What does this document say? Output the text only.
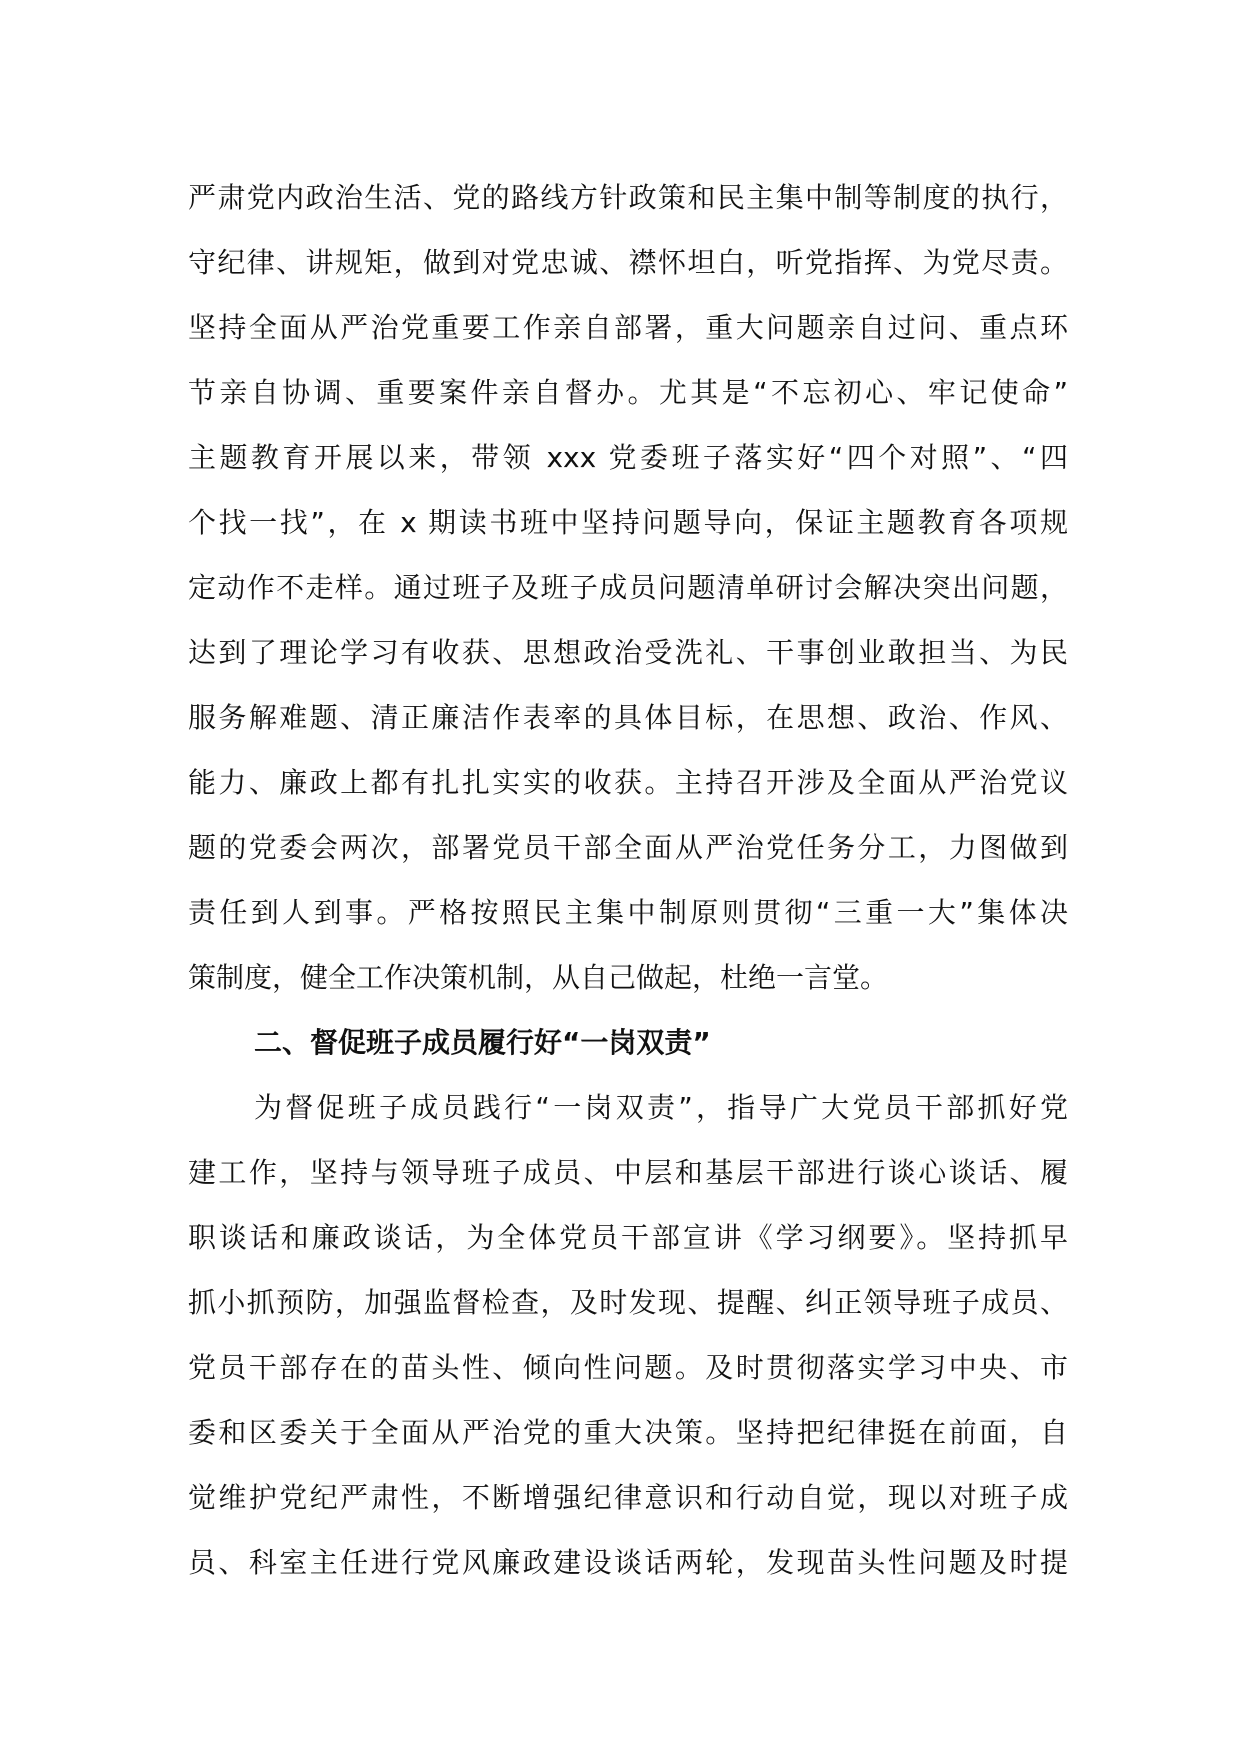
严肃党内政治生活、党的路线方针政策和民主集中制等制度的执行，
守纪律、讲规矩，做到对党忠诚、襟怀坦白，听党指挥、为党尽责。
坚持全面从严治党重要工作亲自部署，重大问题亲自过问、重点环
节亲自协调、重要案件亲自督办。尤其是“不忘初心、牢记使命”
主题教育开展以来，带领 xxx 党委班子落实好“四个对照”、“四
个找一找”，在 x 期读书班中坚持问题导向，保证主题教育各项规
定动作不走样。通过班子及班子成员问题清单研讨会解决突出问题，
达到了理论学习有收获、思想政治受洗礼、干事创业敢担当、为民
服务解难题、清正廉洁作表率的具体目标，在思想、政治、作风、
能力、廉政上都有扎扎实实的收获。主持召开涉及全面从严治党议
题的党委会两次，部署党员干部全面从严治党任务分工，力图做到
责任到人到事。严格按照民主集中制原则贯彻“三重一大”集体决
策制度，健全工作决策机制，从自己做起，杜绝一言堂。
二、督促班子成员履行好“一岗双责”
为督促班子成员践行“一岗双责”，指导广大党员干部抓好党
建工作，坚持与领导班子成员、中层和基层干部进行谈心谈话、履
职谈话和廉政谈话，为全体党员干部宣讲《学习纲要》。坚持抓早
抓小抓预防，加强监督检查，及时发现、提醒、纠正领导班子成员、
党员干部存在的苗头性、倾向性问题。及时贯彻落实学习中央、市
委和区委关于全面从严治党的重大决策。坚持把纪律挺在前面，自
觉维护党纪严肃性，不断增强纪律意识和行动自觉，现以对班子成
员、科室主任进行党风廉政建设谈话两轮，发现苗头性问题及时提
